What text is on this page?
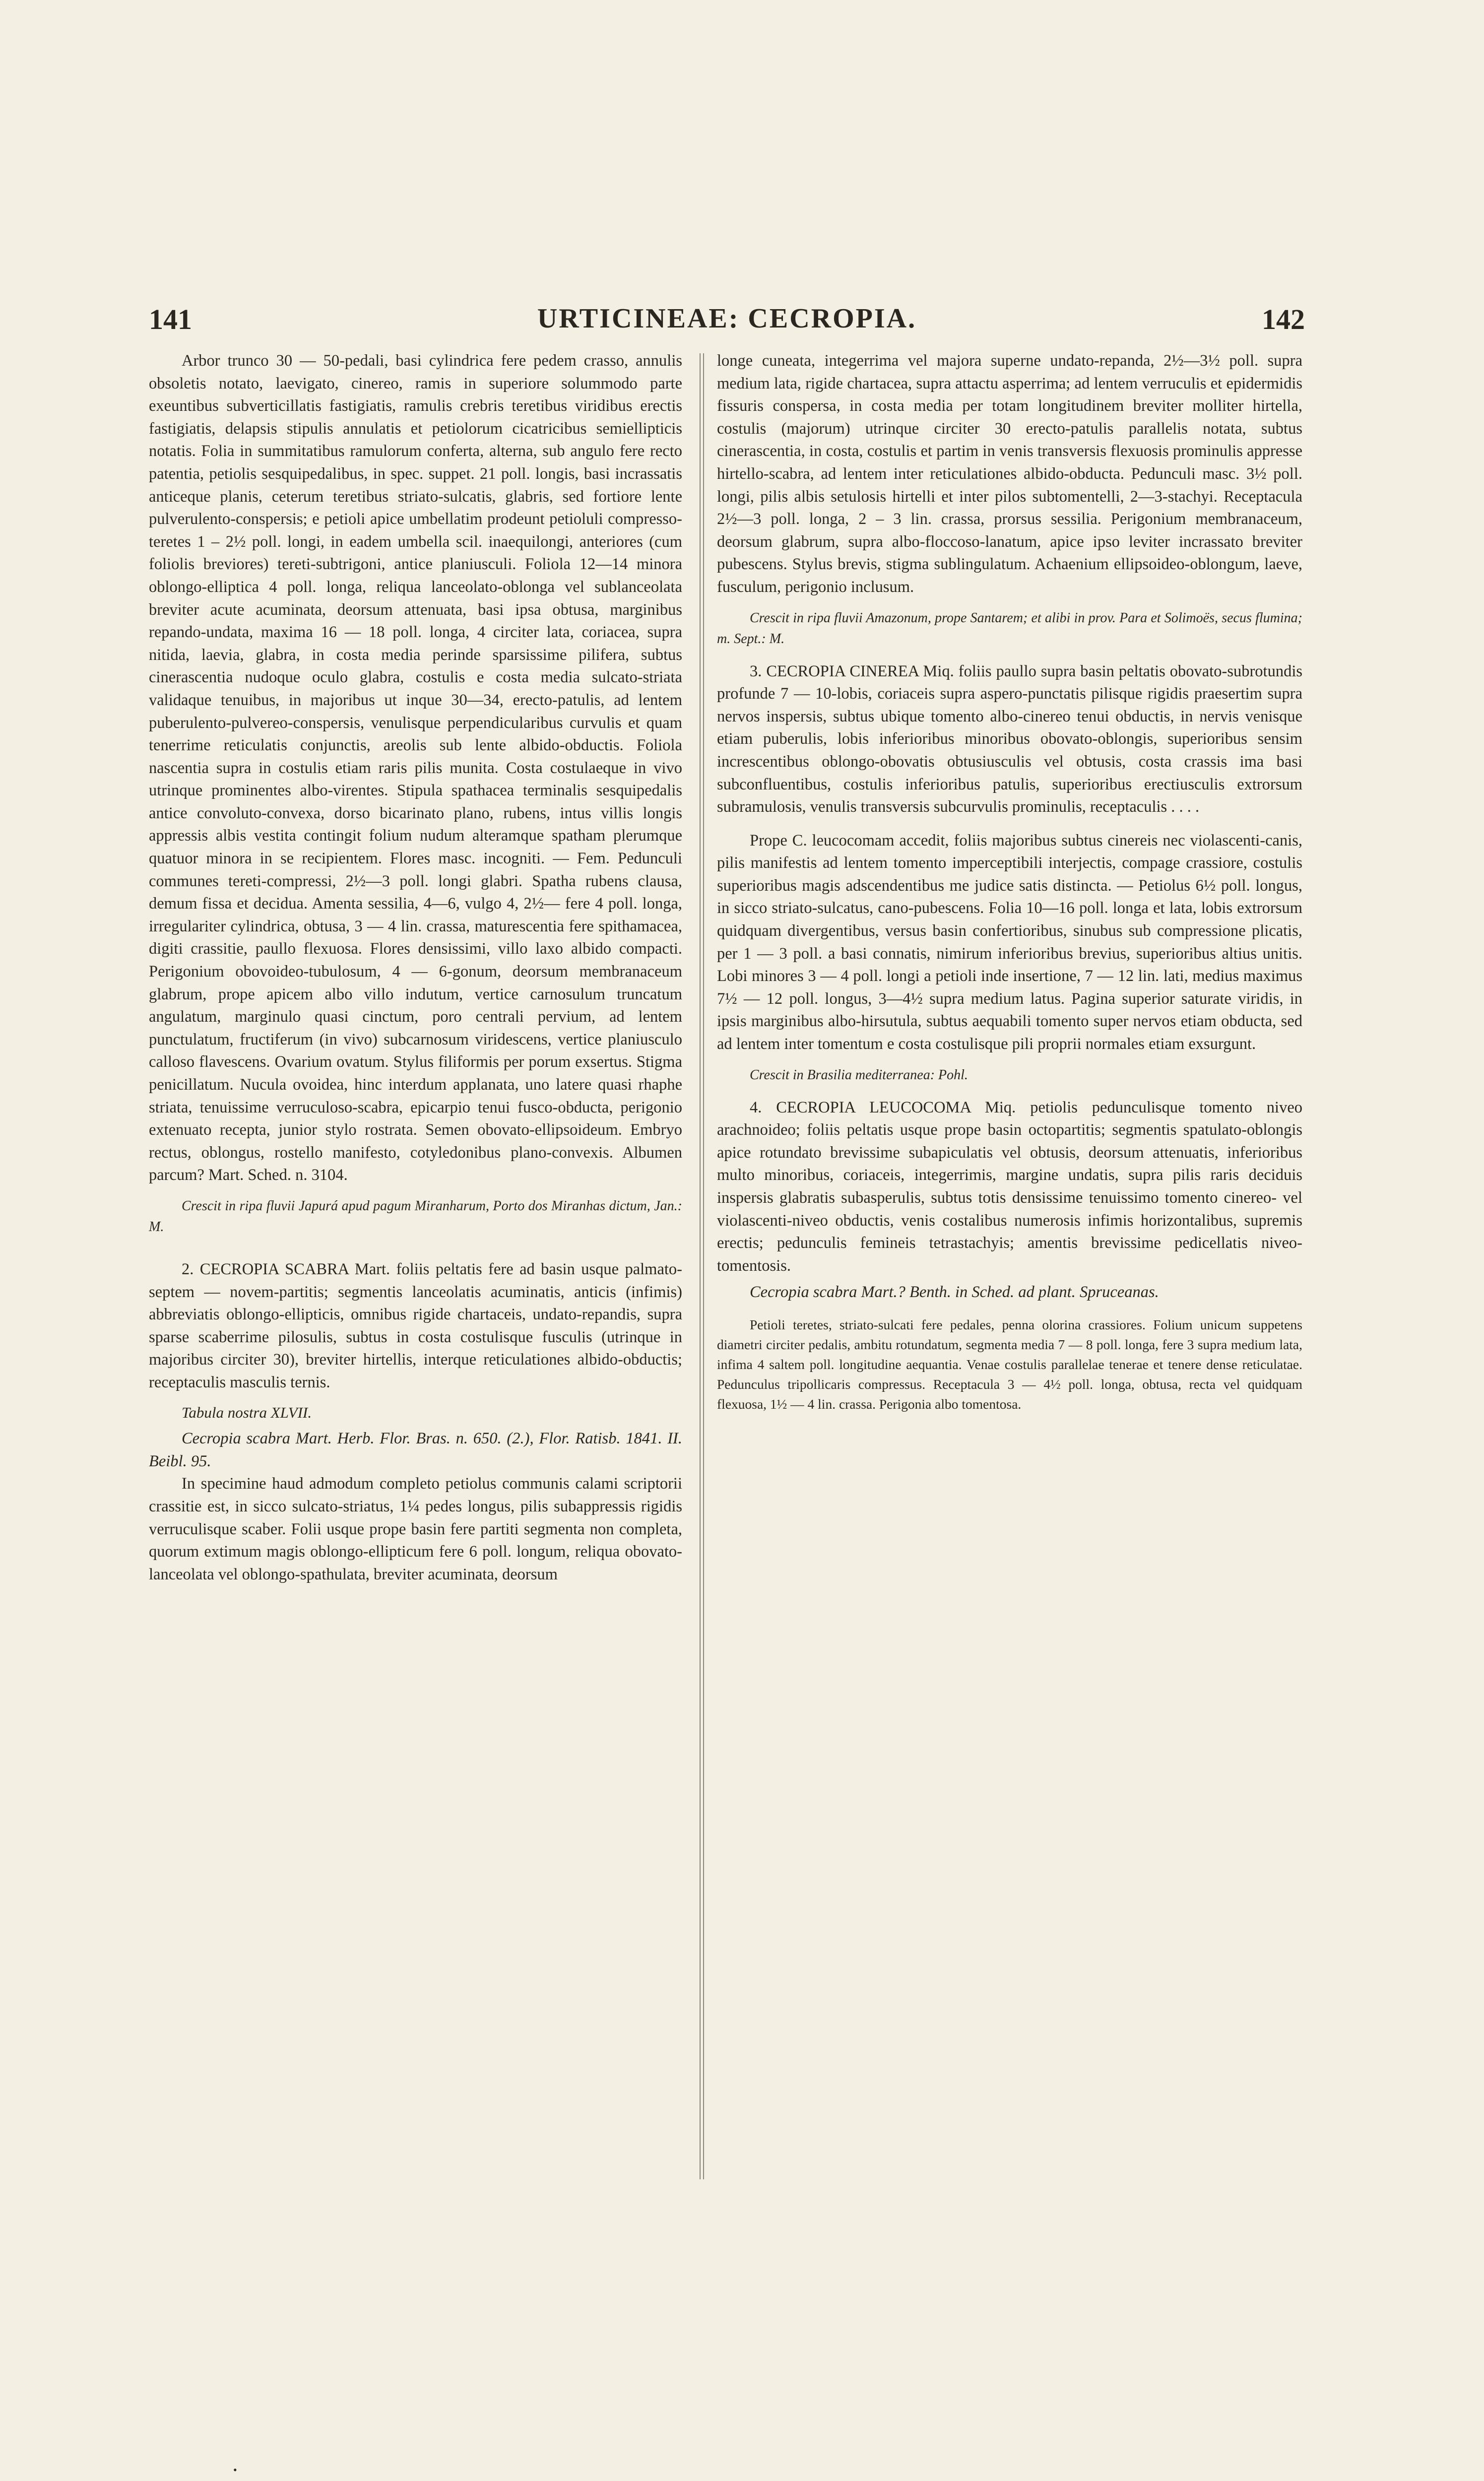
141	URTICINEAE: CECROPIA.	142

Arbor trunco 30 — 50-pedali, basi cylindrica fere pedem crasso, annulis obsoletis notato, laevigato, cinereo, ramis in superiore solummodo parte exeuntibus subverticillatis fastigiatis, ramulis crebris teretibus viridibus erectis fastigiatis, delapsis stipulis annulatis et petiolorum cicatricibus semiellipticis notatis. Folia in summitatibus ramulorum conferta, alterna, sub angulo fere recto patentia, petiolis sesquipedalibus, in spec. suppet. 21 poll. longis, basi incrassatis anticeque planis, ceterum teretibus striato-sulcatis, glabris, sed fortiore lente pulverulento-conspersis; e petioli apice umbellatim prodeunt petioluli compresso-teretes 1 – 2½ poll. longi, in eadem umbella scil. inaequilongi, anteriores (cum foliolis breviores) tereti-subtrigoni, antice planiusculi. Foliola 12—14 minora oblongo-elliptica 4 poll. longa, reliqua lanceolato-oblonga vel sublanceolata breviter acute acuminata, deorsum attenuata, basi ipsa obtusa, marginibus repando-undata, maxima 16 — 18 poll. longa, 4 circiter lata, coriacea, supra nitida, laevia, glabra, in costa media perinde sparsissime pilifera, subtus cinerascentia nudoque oculo glabra, costulis e costa media sulcato-striata validaque tenuibus, in majoribus ut inque 30—34, erecto-patulis, ad lentem puberulento-pulvereo-conspersis, venulisque perpendicularibus curvulis et quam tenerrime reticulatis conjunctis, areolis sub lente albido-obductis. Foliola nascentia supra in costulis etiam raris pilis munita. Costa costulaeque in vivo utrinque prominentes albo-virentes. Stipula spathacea terminalis sesquipedalis antice convoluto-convexa, dorso bicarinato plano, rubens, intus villis longis appressis albis vestita contingit folium nudum alteramque spatham plerumque quatuor minora in se recipientem. Flores masc. incogniti. — Fem. Pedunculi communes tereti-compressi, 2½—3 poll. longi glabri. Spatha rubens clausa, demum fissa et decidua. Amenta sessilia, 4—6, vulgo 4, 2½— fere 4 poll. longa, irregulariter cylindrica, obtusa, 3 — 4 lin. crassa, maturescentia fere spithamacea, digiti crassitie, paullo flexuosa. Flores densissimi, villo laxo albido compacti. Perigonium obovoideo-tubulosum, 4 — 6-gonum, deorsum membranaceum glabrum, prope apicem albo villo indutum, vertice carnosulum truncatum angulatum, marginulo quasi cinctum, poro centrali pervium, ad lentem punctulatum, fructiferum (in vivo) subcarnosum viridescens, vertice planiusculo calloso flavescens. Ovarium ovatum. Stylus filiformis per porum exsertus. Stigma penicillatum. Nucula ovoidea, hinc interdum applanata, uno latere quasi rhaphe striata, tenuissime verruculoso-scabra, epicarpio tenui fusco-obducta, perigonio extenuato recepta, junior stylo rostrata. Semen obovato-ellipsoideum. Embryo rectus, oblongus, rostello manifesto, cotyledonibus plano-convexis. Albumen parcum? Mart. Sched. n. 3104.

Crescit in ripa fluvii Japurá apud pagum Miranharum, Porto dos Miranhas dictum, Jan.: M.

2. CECROPIA SCABRA Mart. foliis peltatis fere ad basin usque palmato-septem — novem-partitis; segmentis lanceolatis acuminatis, anticis (infimis) abbreviatis oblongo-ellipticis, omnibus rigide chartaceis, undato-repandis, supra sparse scaberrime pilosulis, subtus in costa costulisque fusculis (utrinque in majoribus circiter 30), breviter hirtellis, interque reticulationes albido-obductis; receptaculis masculis ternis.

Tabula nostra XLVII.

Cecropia scabra Mart. Herb. Flor. Bras. n. 650. (2.), Flor. Ratisb. 1841. II. Beibl. 95.

In specimine haud admodum completo petiolus communis calami scriptorii crassitie est, in sicco sulcato-striatus, 1¼ pedes longus, pilis subappressis rigidis verruculisque scaber. Folii usque prope basin fere partiti segmenta non completa, quorum extimum magis oblongo-ellipticum fere 6 poll. longum, reliqua obovato-lanceolata vel oblongo-spathulata, breviter acuminata, deorsum

longe cuneata, integerrima vel majora superne undato-repanda, 2½—3½ poll. supra medium lata, rigide chartacea, supra attactu asperrima; ad lentem verruculis et epidermidis fissuris conspersa, in costa media per totam longitudinem breviter molliter hirtella, costulis (majorum) utrinque circiter 30 erecto-patulis parallelis notata, subtus cinerascentia, in costa, costulis et partim in venis transversis flexuosis prominulis appresse hirtello-scabra, ad lentem inter reticulationes albido-obducta. Pedunculi masc. 3½ poll. longi, pilis albis setulosis hirtelli et inter pilos subtomentelli, 2—3-stachyi. Receptacula 2½—3 poll. longa, 2 – 3 lin. crassa, prorsus sessilia. Perigonium membranaceum, deorsum glabrum, supra albo-floccoso-lanatum, apice ipso leviter incrassato breviter pubescens. Stylus brevis, stigma sublingulatum. Achaenium ellipsoideo-oblongum, laeve, fusculum, perigonio inclusum.

Crescit in ripa fluvii Amazonum, prope Santarem; et alibi in prov. Para et Solimoës, secus flumina; m. Sept.: M.

3. CECROPIA CINEREA Miq. foliis paullo supra basin peltatis obovato-subrotundis profunde 7 — 10-lobis, coriaceis supra aspero-punctatis pilisque rigidis praesertim supra nervos inspersis, subtus ubique tomento albo-cinereo tenui obductis, in nervis venisque etiam puberulis, lobis inferioribus minoribus obovato-oblongis, superioribus sensim increscentibus oblongo-obovatis obtusiusculis vel obtusis, costa crassis ima basi subconfluentibus, costulis inferioribus patulis, superioribus erectiusculis extrorsum subramulosis, venulis transversis subcurvulis prominulis, receptaculis . . . .

Prope C. leucocomam accedit, foliis majoribus subtus cinereis nec violascenti-canis, pilis manifestis ad lentem tomento imperceptibili interjectis, compage crassiore, costulis superioribus magis adscendentibus me judice satis distincta. — Petiolus 6½ poll. longus, in sicco striato-sulcatus, cano-pubescens. Folia 10—16 poll. longa et lata, lobis extrorsum quidquam divergentibus, versus basin confertioribus, sinubus sub compressione plicatis, per 1 — 3 poll. a basi connatis, nimirum inferioribus brevius, superioribus altius unitis. Lobi minores 3 — 4 poll. longi a petioli inde insertione, 7 — 12 lin. lati, medius maximus 7½ — 12 poll. longus, 3—4½ supra medium latus. Pagina superior saturate viridis, in ipsis marginibus albo-hirsutula, subtus aequabili tomento super nervos etiam obducta, sed ad lentem inter tomentum e costa costulisque pili proprii normales etiam exsurgunt.

Crescit in Brasilia mediterranea: Pohl.

4. CECROPIA LEUCOCOMA Miq. petiolis pedunculisque tomento niveo arachnoideo; foliis peltatis usque prope basin octopartitis; segmentis spatulato-oblongis apice rotundato brevissime subapiculatis vel obtusis, deorsum attenuatis, inferioribus multo minoribus, coriaceis, integerrimis, margine undatis, supra pilis raris deciduis inspersis glabratis subasperulis, subtus totis densissime tenuissimo tomento cinereo- vel violascenti-niveo obductis, venis costalibus numerosis infimis horizontalibus, supremis erectis; pedunculis femineis tetrastachyis; amentis brevissime pedicellatis niveo-tomentosis.

Cecropia scabra Mart.? Benth. in Sched. ad plant. Spruceanas.

Petioli teretes, striato-sulcati fere pedales, penna olorina crassiores. Folium unicum suppetens diametri circiter pedalis, ambitu rotundatum, segmenta media 7 — 8 poll. longa, fere 3 supra medium lata, infima 4 saltem poll. longitudine aequantia. Venae costulis parallelae tenerae et tenere dense reticulatae. Pedunculus tripollicaris compressus. Receptacula 3 — 4½ poll. longa, obtusa, recta vel quidquam flexuosa, 1½ — 4 lin. crassa. Perigonia albo tomentosa.

•
